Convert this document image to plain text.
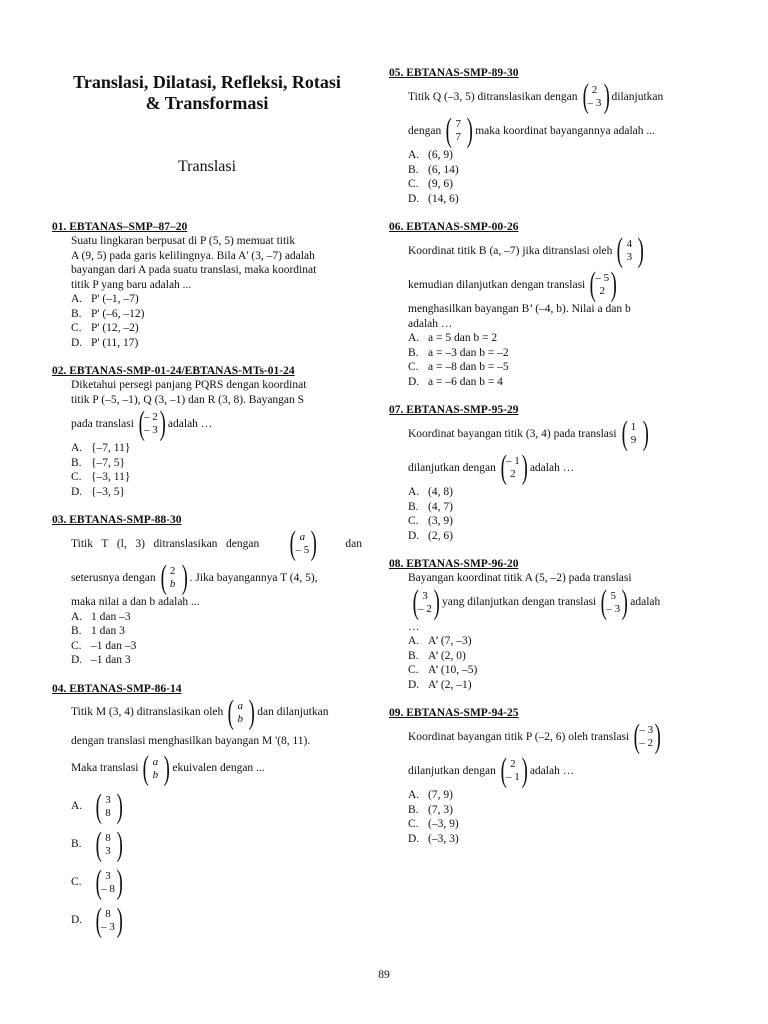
Translasi, Dilatasi, Refleksi, Rotasi
& Transformasi
Translasi
01. EBTANAS–SMP–87–20
Suatu lingkaran berpusat di P (5, 5) memuat titik
A (9, 5) pada garis kelilingnya. Bila A' (3, –7) adalah
bayangan dari A pada suatu translasi, maka koordinat
titik P yang baru adalah ...
A. P' (–1, –7)
B. P' (–6, –12)
C. P' (12, –2)
D. P' (11, 17)
02. EBTANAS-SMP-01-24/EBTANAS-MTs-01-24
Diketahui persegi panjang PQRS dengan koordinat
titik P (–5, –1), Q (3, –1) dan R (3, 8). Bayangan S
pada translasi ( – 2
– 3 ) adalah …
A. {–7, 11}
B. {–7, 5}
C. {–3, 11}
D. {–3, 5}
03. EBTANAS-SMP-88-30
Titik   T   (l,   3)   ditranslasikan   dengan ( a
– 5 ) dan
seterusnya dengan ( 2
b ) . Jika bayangannya T (4, 5),
maka nilai a dan b adalah ...
A. 1 dan –3
B. 1 dan 3
C. –1 dan –3
D. –1 dan 3
04. EBTANAS-SMP-86-14
Titik M (3, 4) ditranslasikan oleh ( a
b ) dan dilanjutkan
dengan translasi menghasilkan bayangan M '(8, 11).
Maka translasi ( a
b ) ekuivalen dengan ...
A. ( 3
8 )
B. ( 8
3 )
C. ( 3
– 8 )
D. ( 8
– 3 )
05. EBTANAS-SMP-89-30
Titik Q (–3, 5) ditranslasikan dengan ( 2
– 3 ) dilanjutkan
dengan ( 7
7 ) maka koordinat bayangannya adalah ...
A. (6, 9)
B. (6, 14)
C. (9, 6)
D. (14, 6)
06. EBTANAS-SMP-00-26
Koordinat titik B (a, –7) jika ditranslasi oleh ( 4
3 )
kemudian dilanjutkan dengan translasi ( – 5
2 )
menghasilkan bayangan B’ (–4, b). Nilai a dan b
adalah …
A. a = 5 dan b = 2
B. a = –3 dan b = –2
C. a = –8 dan b = –5
D. a = –6 dan b = 4
07. EBTANAS-SMP-95-29
Koordinat bayangan titik (3, 4) pada translasi ( 1
9 )
dilanjutkan dengan ( – 1
2 ) adalah …
A. (4, 8)
B. (4, 7)
C. (3, 9)
D. (2, 6)
08. EBTANAS-SMP-96-20
Bayangan koordinat titik A (5, –2) pada translasi
( 3
– 2 ) yang dilanjutkan dengan translasi ( 5
– 3 ) adalah
…
A. A’ (7, –3)
B. A’ (2, 0)
C. A’ (10, –5)
D. A’ (2, –1)
09. EBTANAS-SMP-94-25
Koordinat bayangan titik P (–2, 6) oleh translasi ( – 3
– 2 )
dilanjutkan dengan ( 2
– 1 ) adalah …
A. (7, 9)
B. (7, 3)
C. (–3, 9)
D. (–3, 3)
89
